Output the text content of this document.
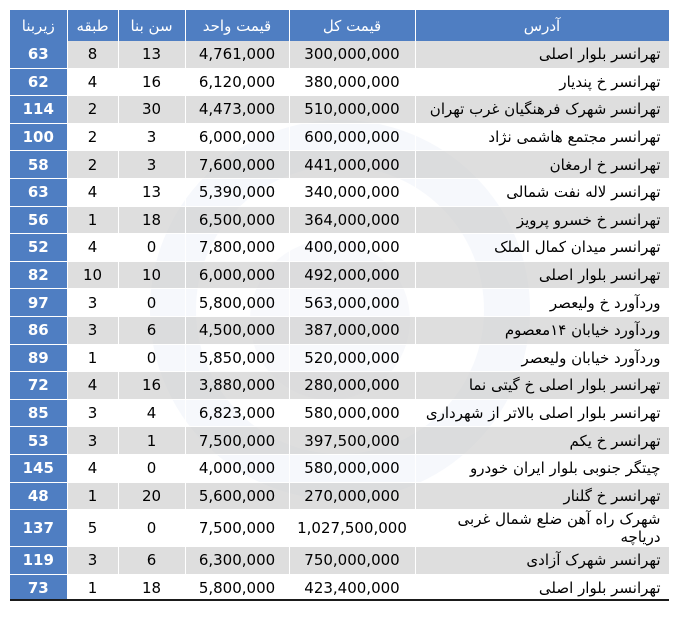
زیربنا	طبقه	سن بنا	قیمت واحد	قیمت کل	آدرس
63	8	13	4,761,000	300,000,000	تهرانسر بلوار اصلی
62	4	16	6,120,000	380,000,000	تهرانسر خ پندیار
114	2	30	4,473,000	510,000,000	تهرانسر شهرک فرهنگیان غرب تهران
100	2	3	6,000,000	600,000,000	تهرانسر مجتمع هاشمی نژاد
58	2	3	7,600,000	441,000,000	تهرانسر خ ارمغان
63	4	13	5,390,000	340,000,000	تهرانسر لاله نفت شمالی
56	1	18	6,500,000	364,000,000	تهرانسر خ خسرو پرویز
52	4	0	7,800,000	400,000,000	تهرانسر میدان کمال الملک
82	10	10	6,000,000	492,000,000	تهرانسر بلوار اصلی
97	3	0	5,800,000	563,000,000	وردآورد خ ولیعصر
86	3	6	4,500,000	387,000,000	وردآورد خیابان ۱۴معصوم
89	1	0	5,850,000	520,000,000	وردآورد خیابان ولیعصر
72	4	16	3,880,000	280,000,000	تهرانسر بلوار اصلی خ گیتی نما
85	3	4	6,823,000	580,000,000	تهرانسر بلوار اصلی بالاتر از شهرداری
53	3	1	7,500,000	397,500,000	تهرانسر خ یکم
145	4	0	4,000,000	580,000,000	چیتگر جنوبی بلوار ایران خودرو
48	1	20	5,600,000	270,000,000	تهرانسر خ گلنار
137	5	0	7,500,000	1,027,500,000	شهرک راه آهن ضلع شمال غربی دریاچه
119	3	6	6,300,000	750,000,000	تهرانسر شهرک آزادی
73	1	18	5,800,000	423,400,000	تهرانسر بلوار اصلی
